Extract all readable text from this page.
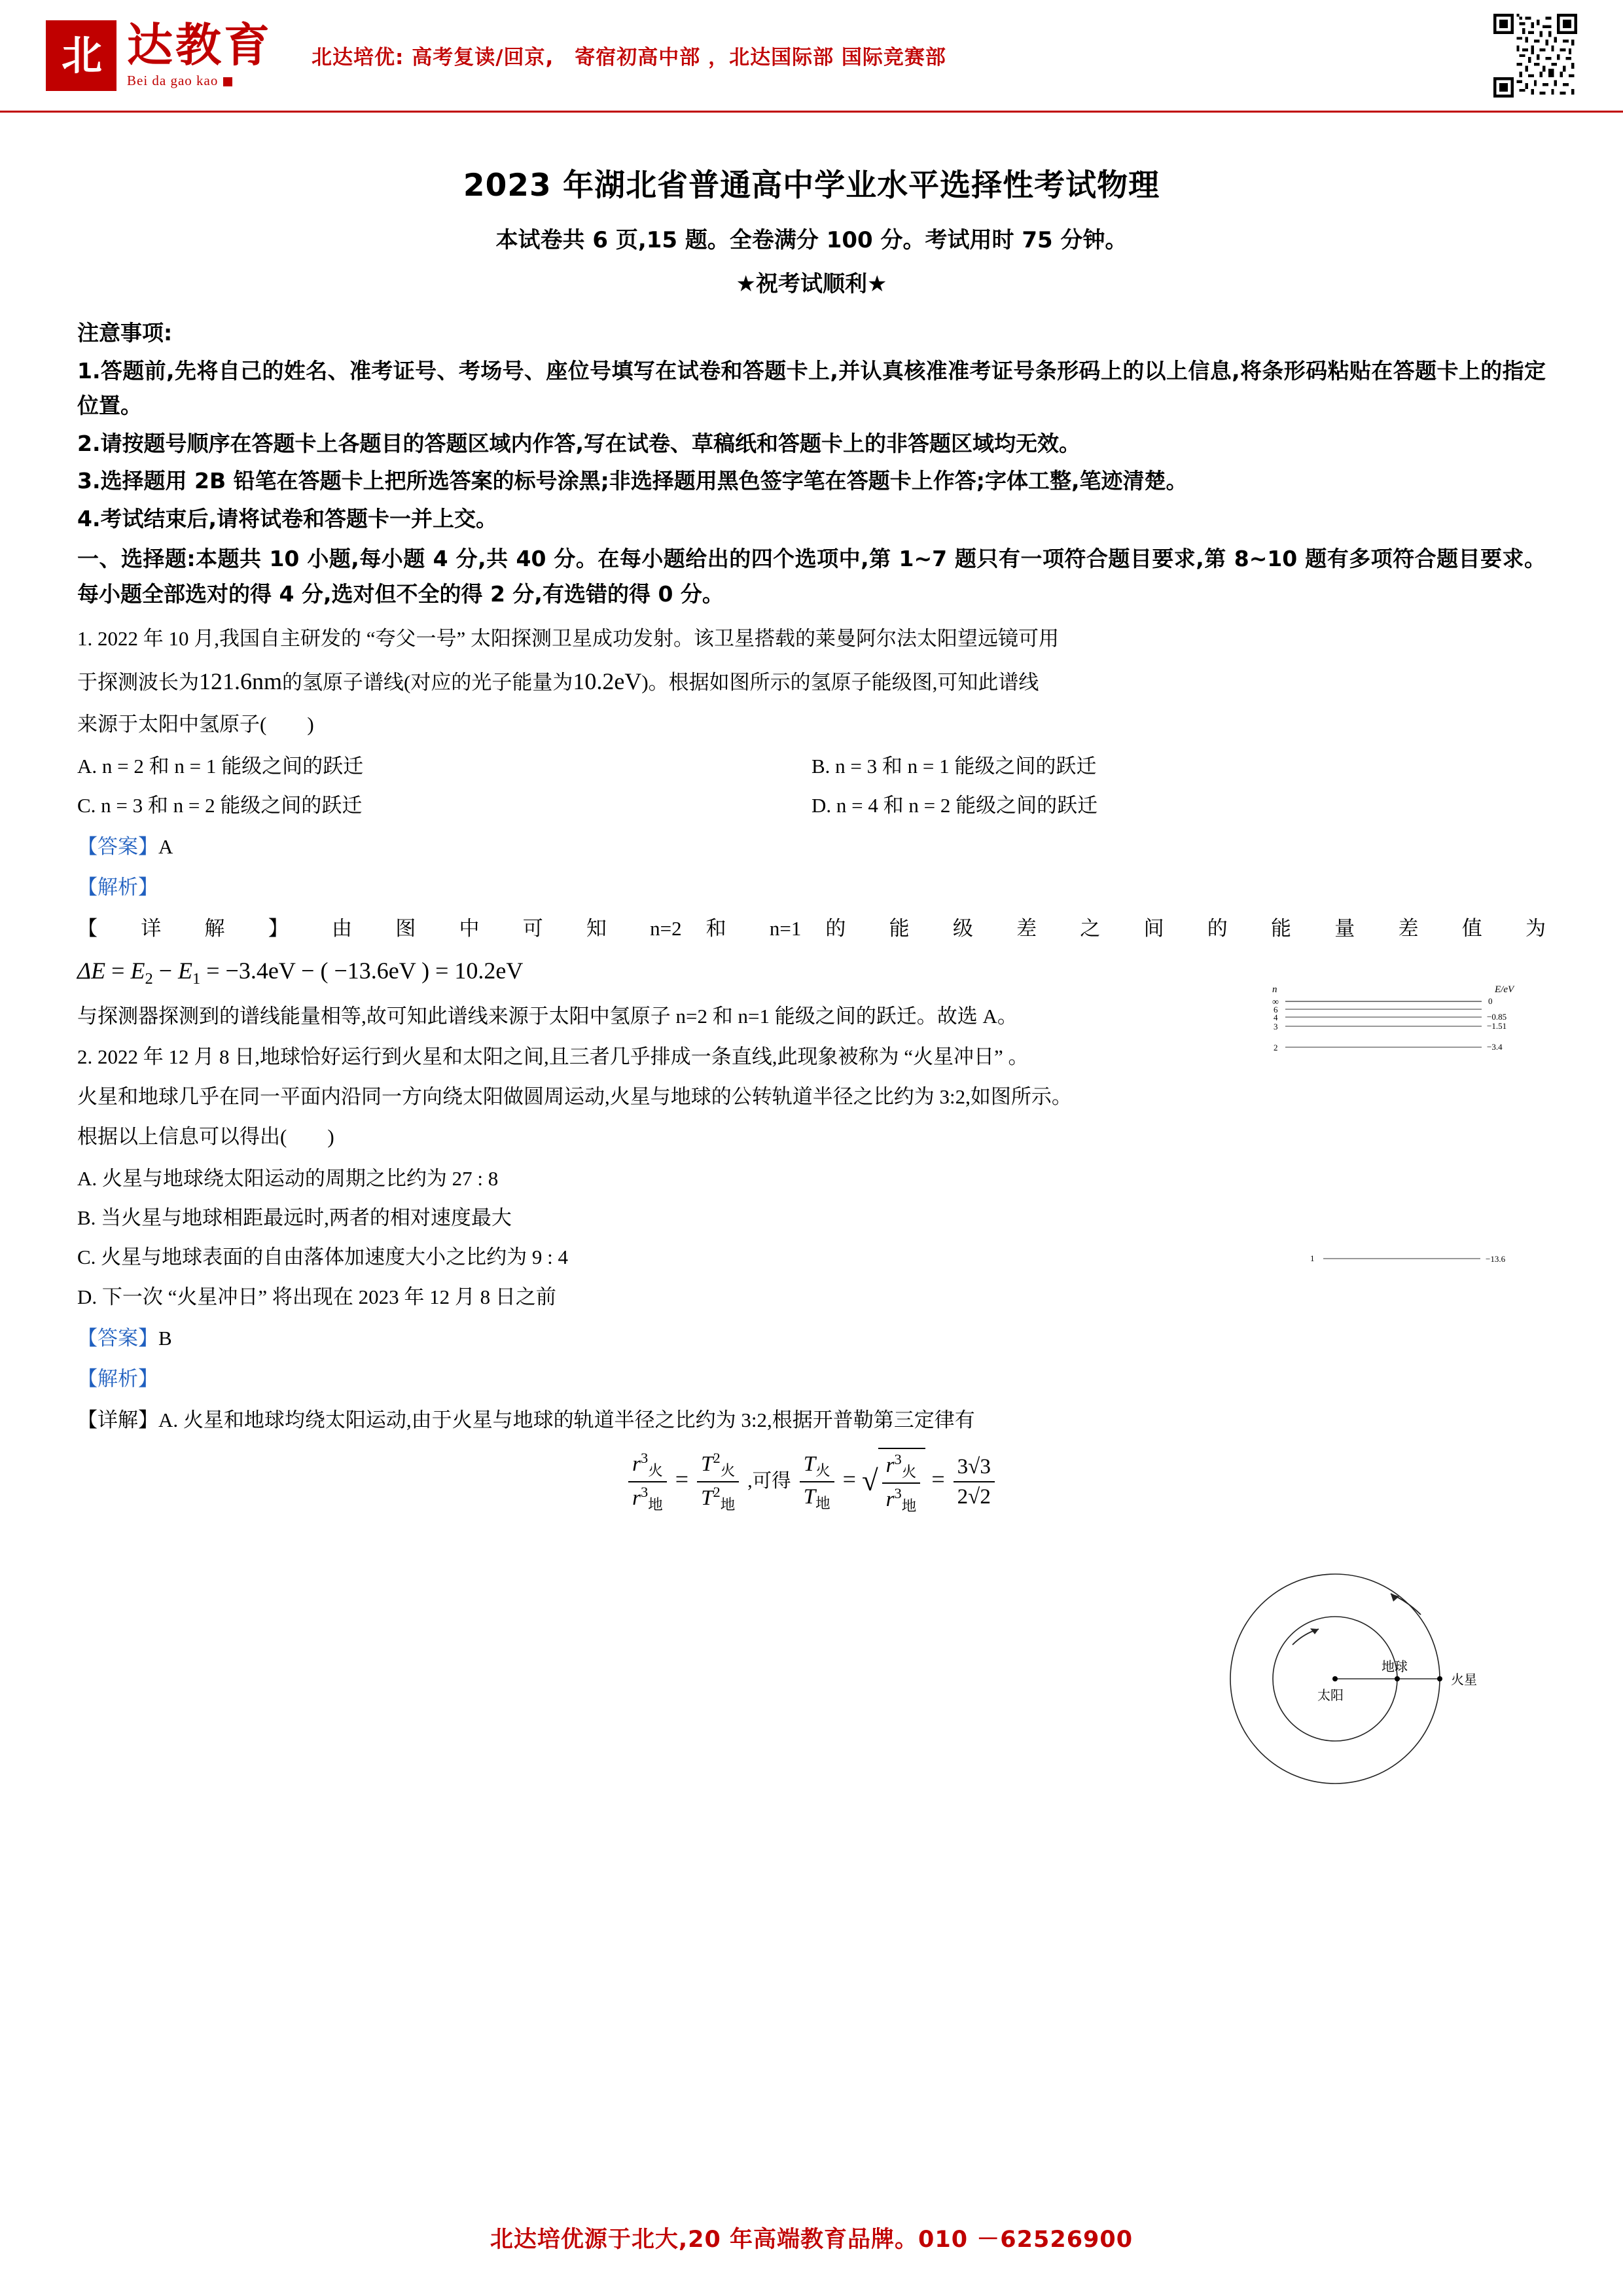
北 达教育
Bei da gao kao
北达培优: 高考复读/回京,　寄宿初高中部 ，北达国际部 国际竞赛部
2023 年湖北省普通高中学业水平选择性考试物理
本试卷共 6 页,15 题。全卷满分 100 分。考试用时 75 分钟。
★祝考试顺利★
注意事项:
1.答题前,先将自己的姓名、准考证号、考场号、座位号填写在试卷和答题卡上,并认真核准准考证号条形码上的以上信息,将条形码粘贴在答题卡上的指定位置。
2.请按题号顺序在答题卡上各题目的答题区域内作答,写在试卷、草稿纸和答题卡上的非答题区域均无效。
3.选择题用 2B 铅笔在答题卡上把所选答案的标号涂黑;非选择题用黑色签字笔在答题卡上作答;字体工整,笔迹清楚。
4.考试结束后,请将试卷和答题卡一并上交。
一、选择题:本题共 10 小题,每小题 4 分,共 40 分。在每小题给出的四个选项中,第 1~7 题只有一项符合题目要求,第 8~10 题有多项符合题目要求。每小题全部选对的得 4 分,选对但不全的得 2 分,有选错的得 0 分。
1. 2022 年 10 月,我国自主研发的 “夸父一号” 太阳探测卫星成功发射。该卫星搭载的莱曼阿尔法太阳望远镜可用
于探测波长为121.6nm的氢原子谱线(对应的光子能量为10.2eV)。根据如图所示的氢原子能级图,可知此谱线
来源于太阳中氢原子(　　)
A. n = 2 和 n = 1 能级之间的跃迁	B. n = 3 和 n = 1 能级之间的跃迁
C. n = 3 和 n = 2 能级之间的跃迁	D. n = 4 和 n = 2 能级之间的跃迁
【答案】A
【解析】
【 详 解 】 由 图 中 可 知 n=2 和 n=1 的 能 级 差 之 间 的 能 量 差 值 为
$\Delta E = E_2 - E_1 = -3.4eV$ − ( −13.6eV ) = 10.2eV
与探测器探测到的谱线能量相等,故可知此谱线来源于太阳中氢原子 n=2 和 n=1 能级之间的跃迁。故选 A。
2. 2022 年 12 月 8 日,地球恰好运行到火星和太阳之间,且三者几乎排成一条直线,此现象被称为 “火星冲日” 。
火星和地球几乎在同一平面内沿同一方向绕太阳做圆周运动,火星与地球的公转轨道半径之比约为 3:2,如图所示。
根据以上信息可以得出(　　)
A. 火星与地球绕太阳运动的周期之比约为 27 : 8
B. 当火星与地球相距最远时,两者的相对速度最大
C. 火星与地球表面的自由落体加速度大小之比约为 9 : 4
D. 下一次 “火星冲日” 将出现在 2023 年 12 月 8 日之前
【答案】B
【解析】
【详解】A. 火星和地球均绕太阳运动,由于火星与地球的轨道半径之比约为 3:2,根据开普勒第三定律有
$\frac{r^3_火}{r^3_地} = \frac{T^2_火}{T^2_地}$ ,可得 $\frac{T_火}{T_地}$ = √ $\frac{r^3_火}{r^3_地} = \frac{3√3}{2√2}$
n	E/eV
∞	0
6
4	−0.85
3	−1.51
2	−3.4
1	−13.6
太阳
地球
火星
北达培优源于北大,20 年高端教育品牌。010 －62526900
